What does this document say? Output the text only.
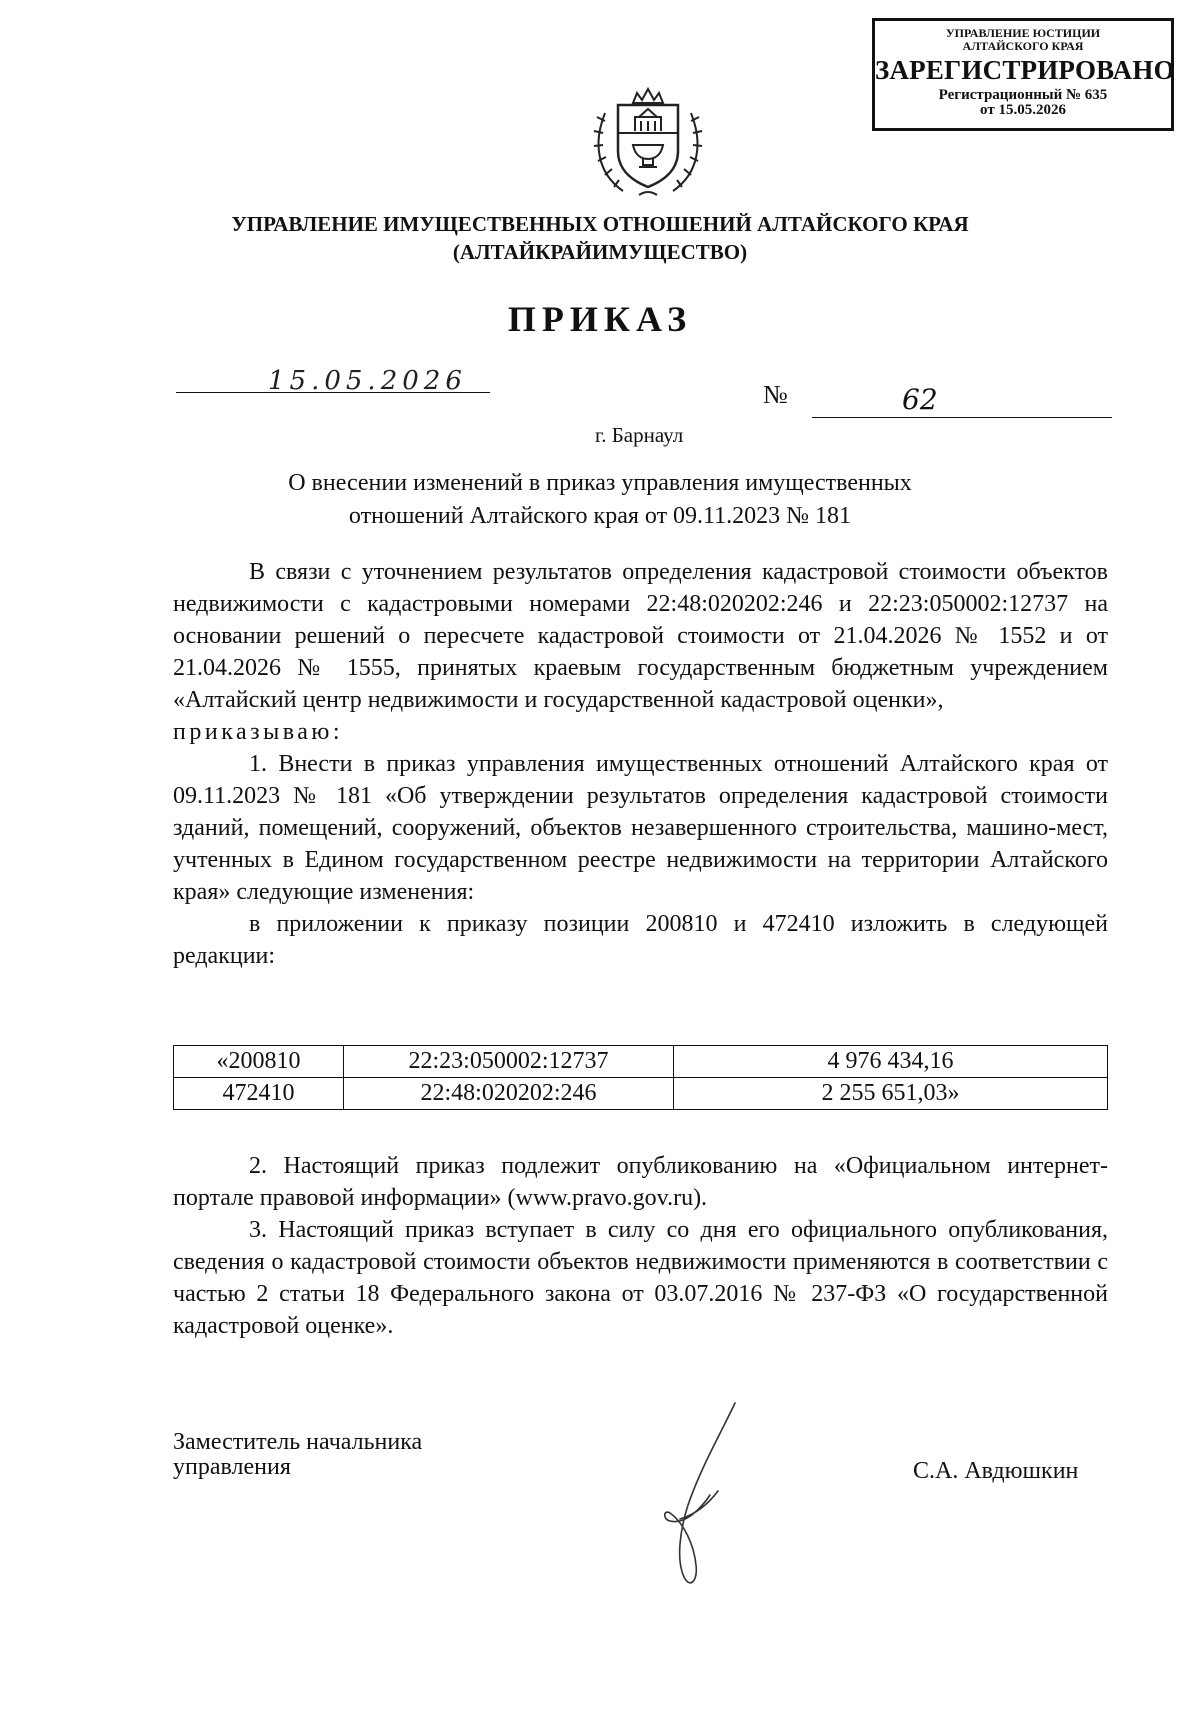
УПРАВЛЕНИЕ ЮСТИЦИИ
АЛТАЙСКОГО КРАЯ
ЗАРЕГИСТРИРОВАНО
Регистрационный № 635
от 15.05.2026
УПРАВЛЕНИЕ ИМУЩЕСТВЕННЫХ ОТНОШЕНИЙ АЛТАЙСКОГО КРАЯ
(АЛТАЙКРАЙИМУЩЕСТВО)
ПРИКАЗ
15.05.2026	№	62
г. Барнаул
О внесении изменений в приказ управления имущественных
отношений Алтайского края от 09.11.2023 № 181

В связи с уточнением результатов определения кадастровой стоимости объектов недвижимости с кадастровыми номерами 22:48:020202:246 и 22:23:050002:12737 на основании решений о пересчете кадастровой стоимости от 21.04.2026 № 1552 и от 21.04.2026 № 1555, принятых краевым государственным бюджетным учреждением «Алтайский центр недвижимости и государственной кадастровой оценки»,

приказываю:

1. Внести в приказ управления имущественных отношений Алтайского края от 09.11.2023 № 181 «Об утверждении результатов определения кадастровой стоимости зданий, помещений, сооружений, объектов незавершенного строительства, машино-мест, учтенных в Едином государственном реестре недвижимости на территории Алтайского края» следующие изменения:

в приложении к приказу позиции 200810 и 472410 изложить в следующей редакции:

«200810	22:23:050002:12737	4 976 434,16
472410	22:48:020202:246	2 255 651,03»

2. Настоящий приказ подлежит опубликованию на «Официальном интернет-портале правовой информации» (www.pravo.gov.ru).

3. Настоящий приказ вступает в силу со дня его официального опубликования, сведения о кадастровой стоимости объектов недвижимости применяются в соответствии с частью 2 статьи 18 Федерального закона от 03.07.2016 № 237-ФЗ «О государственной кадастровой оценке».

Заместитель начальника
управления	С.А. Авдюшкин
